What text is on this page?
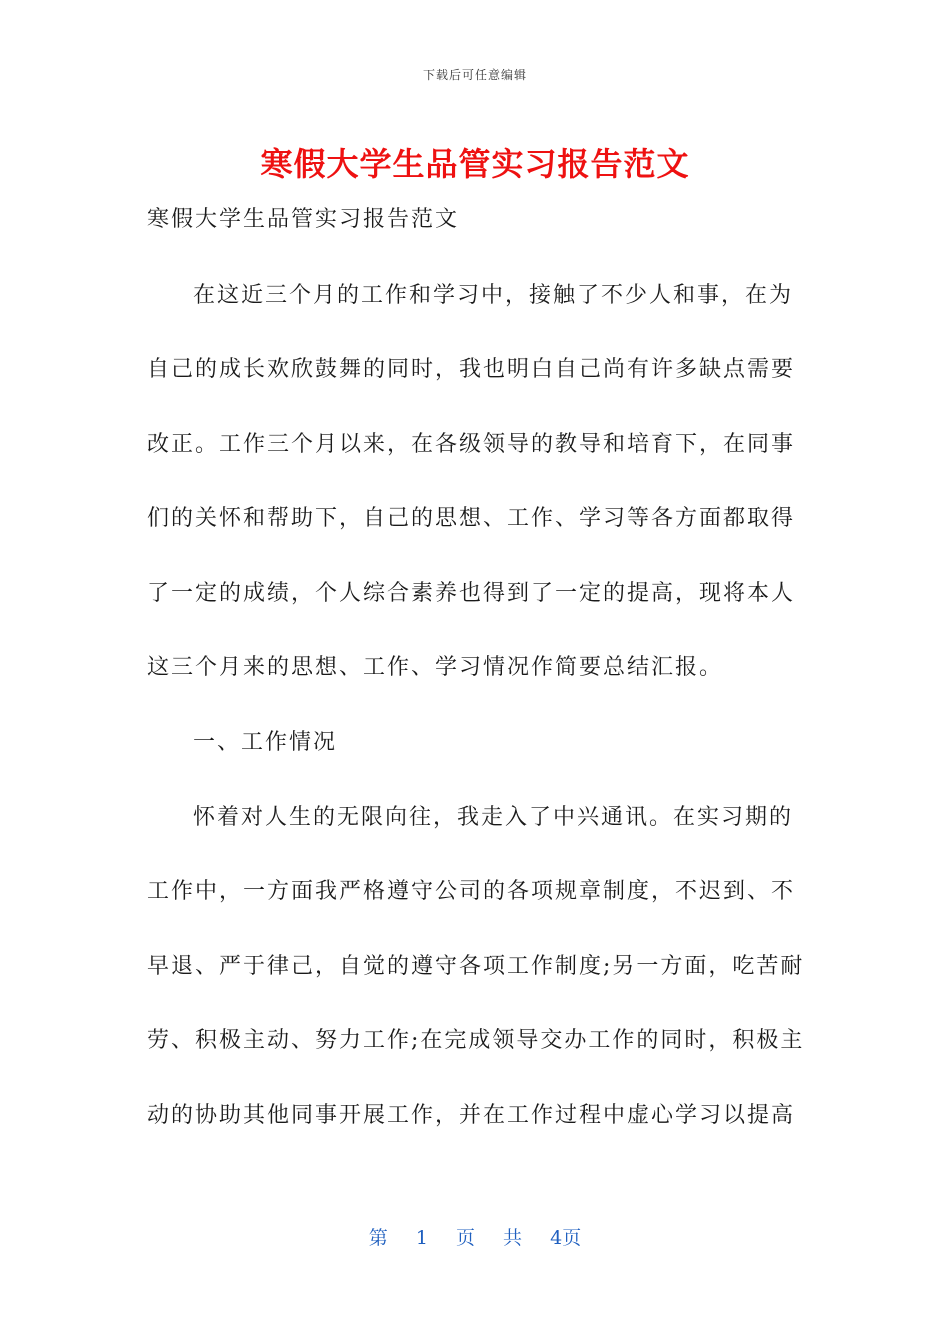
下载后可任意编辑
寒假大学生品管实习报告范文
寒假大学生品管实习报告范文
在这近三个月的工作和学习中，接触了不少人和事，在为
自己的成长欢欣鼓舞的同时，我也明白自己尚有许多缺点需要
改正。工作三个月以来，在各级领导的教导和培育下，在同事
们的关怀和帮助下，自己的思想、工作、学习等各方面都取得
了一定的成绩，个人综合素养也得到了一定的提高，现将本人
这三个月来的思想、工作、学习情况作简要总结汇报。
一、工作情况
怀着对人生的无限向往，我走入了中兴通讯。在实习期的
工作中，一方面我严格遵守公司的各项规章制度，不迟到、不
早退、严于律己，自觉的遵守各项工作制度;另一方面，吃苦耐
劳、积极主动、努力工作;在完成领导交办工作的同时，积极主
动的协助其他同事开展工作，并在工作过程中虚心学习以提高
第 1 页 共 4页
